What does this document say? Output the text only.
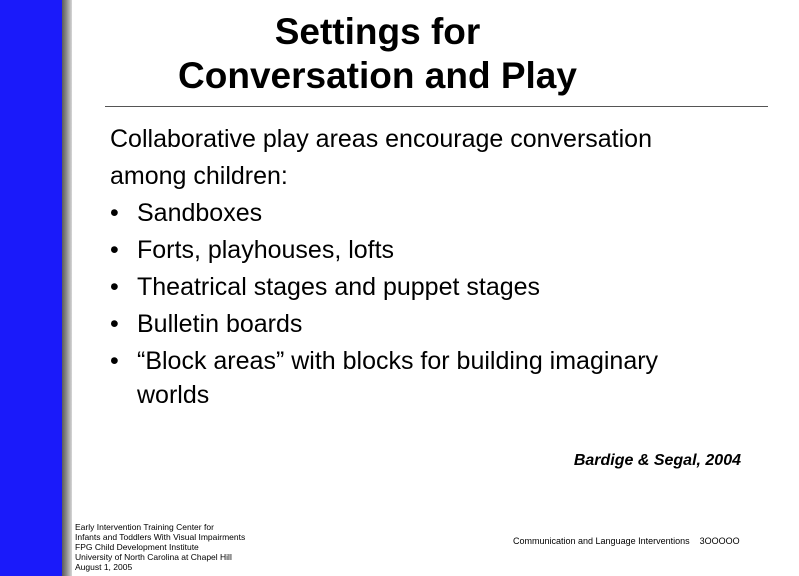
Settings for
Conversation and Play

Collaborative play areas encourage conversation
among children:

• Sandboxes
• Forts, playhouses, lofts
• Theatrical stages and puppet stages
• Bulletin boards
• “Block areas” with blocks for building imaginary
worlds
Bardige & Segal, 2004
Early Intervention Training Center for
Infants and Toddlers With Visual Impairments
FPG Child Development Institute
University of North Carolina at Chapel Hill
August 1, 2005
Communication and Language Interventions 3OOOOO
